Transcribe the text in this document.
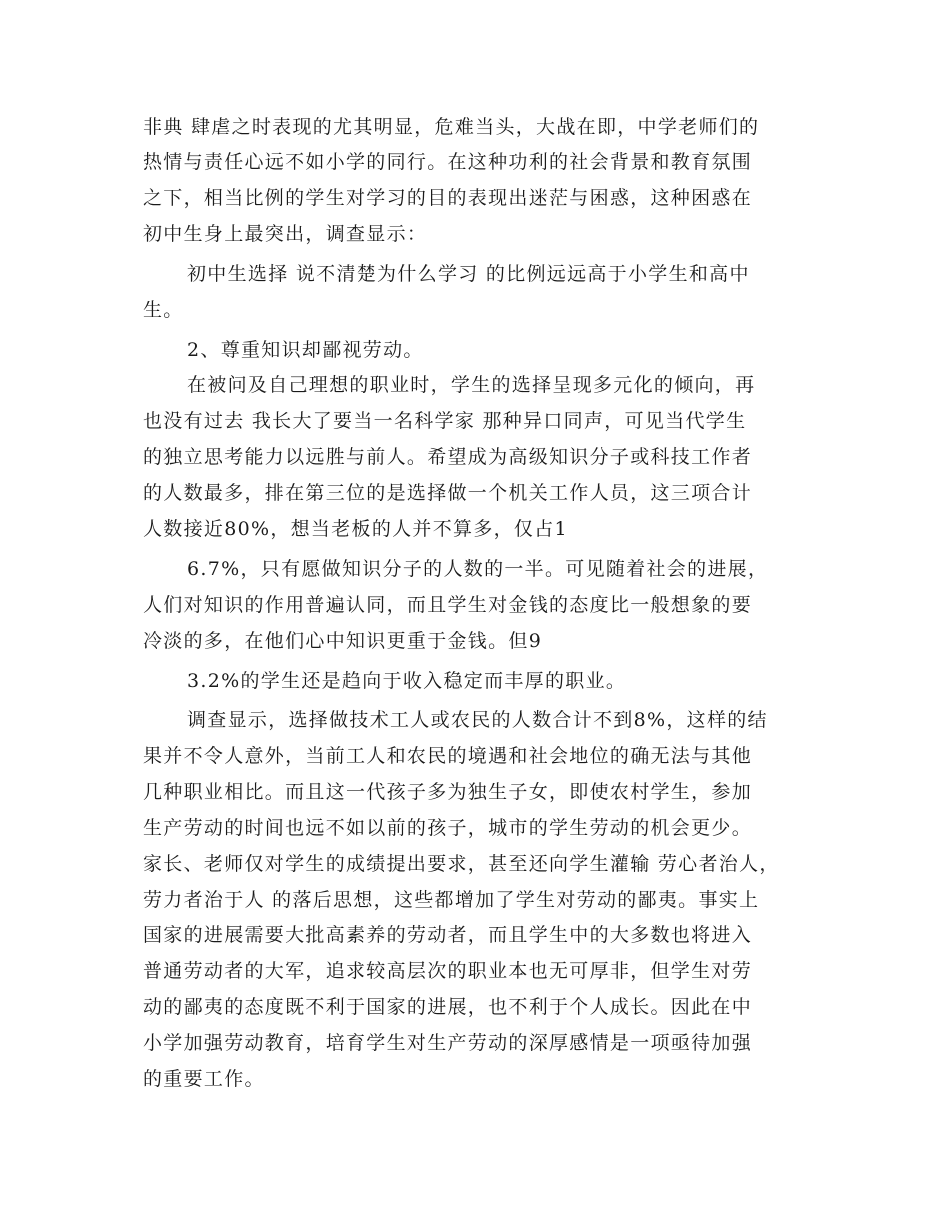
非典 肆虐之时表现的尤其明显，危难当头，大战在即，中学老师们的
热情与责任心远不如小学的同行。在这种功利的社会背景和教育氛围
之下，相当比例的学生对学习的目的表现出迷茫与困惑，这种困惑在
初中生身上最突出，调查显示：
初中生选择 说不清楚为什么学习 的比例远远高于小学生和高中
生。
2、尊重知识却鄙视劳动。
在被问及自己理想的职业时，学生的选择呈现多元化的倾向，再
也没有过去 我长大了要当一名科学家 那种异口同声，可见当代学生
的独立思考能力以远胜与前人。希望成为高级知识分子或科技工作者
的人数最多，排在第三位的是选择做一个机关工作人员，这三项合计
人数接近80%，想当老板的人并不算多，仅占1
6.7%，只有愿做知识分子的人数的一半。可见随着社会的进展，
人们对知识的作用普遍认同，而且学生对金钱的态度比一般想象的要
冷淡的多，在他们心中知识更重于金钱。但9
3.2%的学生还是趋向于收入稳定而丰厚的职业。
调查显示，选择做技术工人或农民的人数合计不到8%，这样的结
果并不令人意外，当前工人和农民的境遇和社会地位的确无法与其他
几种职业相比。而且这一代孩子多为独生子女，即使农村学生，参加
生产劳动的时间也远不如以前的孩子，城市的学生劳动的机会更少。
家长、老师仅对学生的成绩提出要求，甚至还向学生灌输 劳心者治人，
劳力者治于人 的落后思想，这些都增加了学生对劳动的鄙夷。事实上
国家的进展需要大批高素养的劳动者，而且学生中的大多数也将进入
普通劳动者的大军，追求较高层次的职业本也无可厚非，但学生对劳
动的鄙夷的态度既不利于国家的进展，也不利于个人成长。因此在中
小学加强劳动教育，培育学生对生产劳动的深厚感情是一项亟待加强
的重要工作。
